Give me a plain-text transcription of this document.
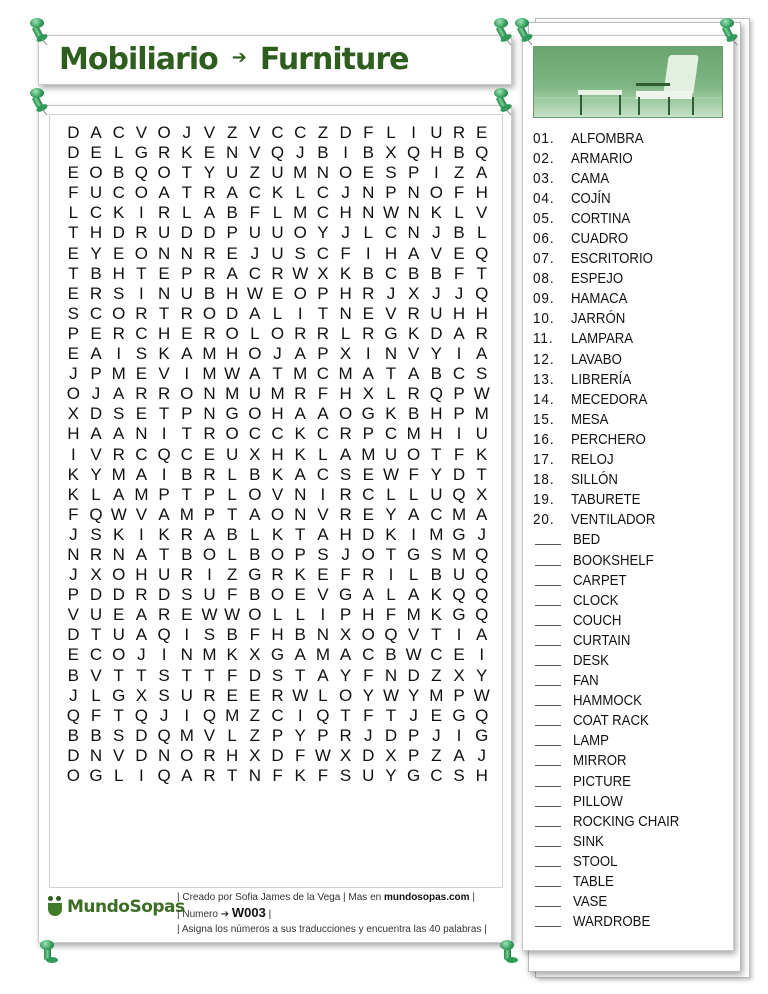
Mobiliario ➔ Furniture
D A C V O J V Z V C C Z D F L I U R E
D E L G R K E N V Q J B I B X Q H B Q
E O B Q O T Y U Z U M N O E S P I Z A
F U C O A T R A C K L C J N P N O F H
L C K I R L A B F L M C H N W N K L V
T H D R U D D P U U O Y J L C N J B L
E Y E O N N R E J U S C F I H A V E Q
T B H T E P R A C R W X K B C B B F T
E R S I N U B H W E O P H R J X J J Q
S C O R T R O D A L I T N E V R U H H
P E R C H E R O L O R R L R G K D A R
E A I S K A M H O J A P X I N V Y I A
J P M E V I M W A T M C M A T A B C S
O J A R R O N M U M R F H X L R Q P W
X D S E T P N G O H A A O G K B H P M
H A A N I T R O C C K C R P C M H I U
I V R C Q C E U X H K L A M U O T F K
K Y M A I B R L B K A C S E W F Y D T
K L A M P T P L O V N I R C L L U Q X
F Q W V A M P T A O N V R E Y A C M A
J S K I K R A B L K T A H D K I M G J
N R N A T B O L B O P S J O T G S M Q
J X O H U R I Z G R K E F R I L B U Q
P D D R D S U F B O E V G A L A K Q Q
V U E A R E W W O L L I P H F M K G Q
D T U A Q I S B F H B N X O Q V T I A
E C O J I N M K X G A M A C B W C E I
B V T T S T T F D S T A Y F N D Z X Y
J L G X S U R E E R W L O Y W Y M P W
Q F T Q J I Q M Z C I Q T F T J E G Q
B B S D Q M V L Z P Y P R J D P J I G
D N V D N O R H X D F W X D X P Z A J
O G L I Q A R T N F K F S U Y G C S H
MundoSopas
| Creado por Sofia James de la Vega | Mas en mundosopas.com |
| Numero ➔ W003 |
| Asigna los números a sus traducciones y encuentra las 40 palabras |
01.	ALFOMBRA
02.	ARMARIO
03.	CAMA
04.	COJÍN
05.	CORTINA
06.	CUADRO
07.	ESCRITORIO
08.	ESPEJO
09.	HAMACA
10.	JARRÓN
11.	LAMPARA
12.	LAVABO
13.	LIBRERÍA
14.	MECEDORA
15.	MESA
16.	PERCHERO
17.	RELOJ
18.	SILLÓN
19.	TABURETE
20.	VENTILADOR
BED
BOOKSHELF
CARPET
CLOCK
COUCH
CURTAIN
DESK
FAN
HAMMOCK
COAT RACK
LAMP
MIRROR
PICTURE
PILLOW
ROCKING CHAIR
SINK
STOOL
TABLE
VASE
WARDROBE
